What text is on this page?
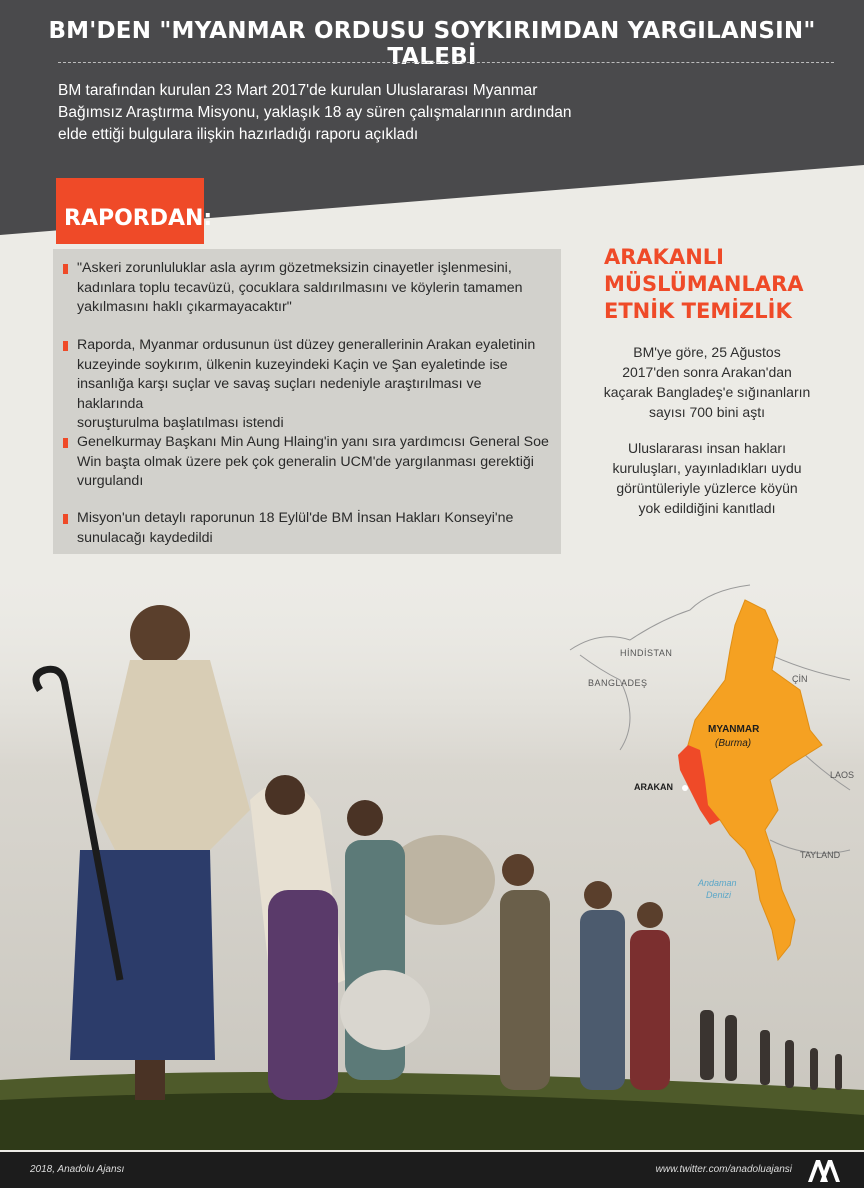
BM'DEN "MYANMAR ORDUSU SOYKIRIMDAN YARGILANSIN" TALEBİ
BM tarafından kurulan 23 Mart 2017'de kurulan Uluslararası Myanmar
Bağımsız Araştırma Misyonu, yaklaşık 18 ay süren çalışmalarının ardından
elde ettiği bulgulara ilişkin hazırladığı raporu açıkladı
RAPORDAN:
"Askeri zorunluluklar asla ayrım gözetmeksizin cinayetler işlenmesini,
kadınlara toplu tecavüzü, çocuklara saldırılmasını ve köylerin tamamen
yakılmasını haklı çıkarmayacaktır"
Raporda, Myanmar ordusunun üst düzey generallerinin Arakan eyaletinin
kuzeyinde soykırım, ülkenin kuzeyindeki Kaçin ve Şan eyaletinde ise
insanlığa karşı suçlar ve savaş suçları nedeniyle araştırılması ve haklarında
soruşturulma başlatılması istendi
Genelkurmay Başkanı Min Aung Hlaing'in yanı sıra yardımcısı General Soe
Win başta olmak üzere pek çok generalin UCM'de yargılanması gerektiği
vurgulandı
Misyon'un detaylı raporunun 18 Eylül'de BM İnsan Hakları Konseyi'ne
sunulacağı kaydedildi
ARAKANLI
MÜSLÜMANLARA
ETNİK TEMİZLİK
BM'ye göre, 25 Ağustos
2017'den sonra Arakan'dan
kaçarak Bangladeş'e sığınanların
sayısı 700 bini aştı
Uluslararası insan hakları
kuruluşları, yayınladıkları uydu
görüntüleriyle yüzlerce köyün
yok edildiğini kanıtladı
HİNDİSTAN
BANGLADEŞ	ÇİN
MYANMAR
(Burma)
ARAKAN
LAOS
TAYLAND
Andaman
Denizi
2018, Anadolu Ajansı	www.twitter.com/anadoluajansi
